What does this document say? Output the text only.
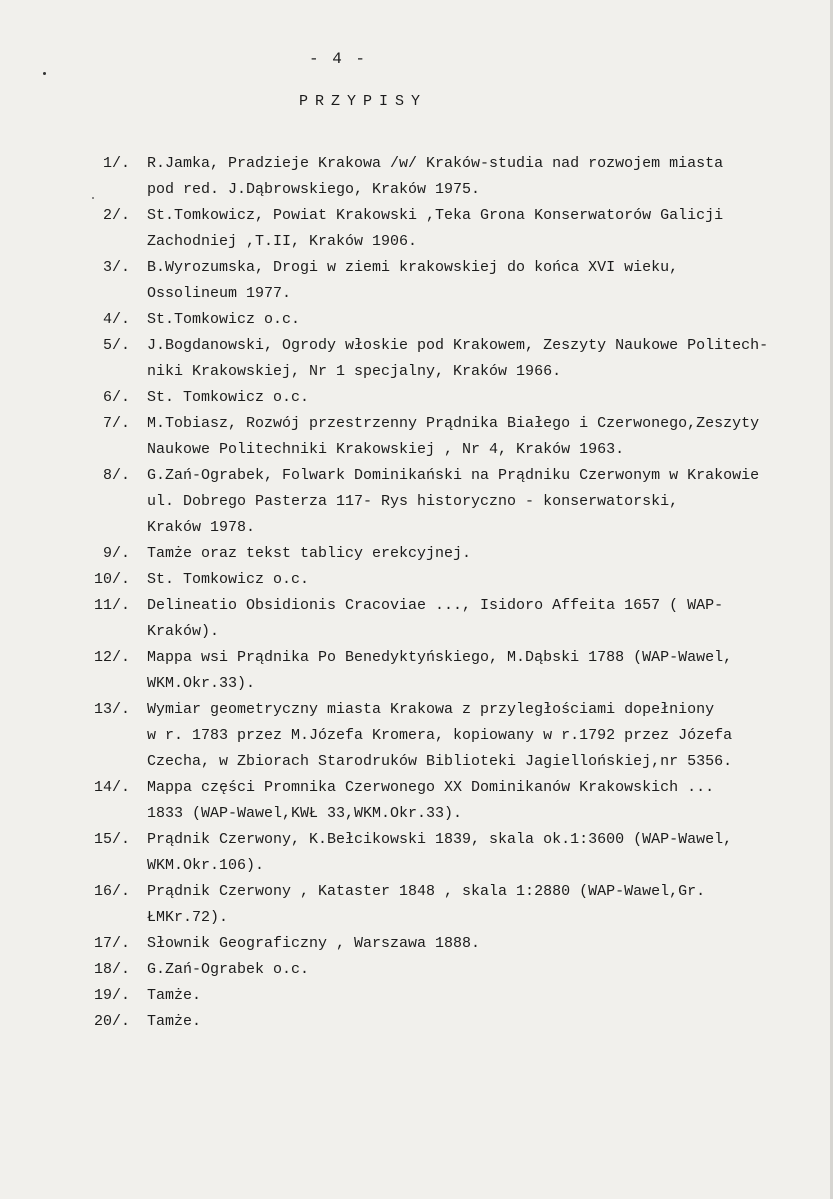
- 4 -
PRZYPISY
1/. R.Jamka, Pradzieje Krakowa /w/ Kraków-studia nad rozwojem miasta
pod red. J.Dąbrowskiego, Kraków 1975.
2/. St.Tomkowicz, Powiat Krakowski ,Teka Grona Konserwatorów Galicji
Zachodniej ,T.II, Kraków 1906.
3/. B.Wyrozumska, Drogi w ziemi krakowskiej do końca XVI wieku,
Ossolineum 1977.
4/. St.Tomkowicz o.c.
5/. J.Bogdanowski, Ogrody włoskie pod Krakowem, Zeszyty Naukowe Politech-
niki Krakowskiej, Nr 1 specjalny, Kraków 1966.
6/. St. Tomkowicz o.c.
7/. M.Tobiasz, Rozwój przestrzenny Prądnika Białego i Czerwonego,Zeszyty
Naukowe Politechniki Krakowskiej , Nr 4, Kraków 1963.
8/. G.Zań-Ograbek, Folwark Dominikański na Prądniku Czerwonym w Krakowie
ul. Dobrego Pasterza 117- Rys historyczno - konserwatorski,
Kraków 1978.
9/. Tamże oraz tekst tablicy erekcyjnej.
10/. St. Tomkowicz o.c.
11/. Delineatio Obsidionis Cracoviae ..., Isidoro Affeita 1657 ( WAP-
Kraków).
12/. Mappa wsi Prądnika Po Benedyktyńskiego, M.Dąbski 1788 (WAP-Wawel,
WKM.Okr.33).
13/. Wymiar geometryczny miasta Krakowa z przyległościami dopełniony
w r. 1783 przez M.Józefa Kromera, kopiowany w r.1792 przez Józefa
Czecha, w Zbiorach Starodruków Biblioteki Jagiellońskiej,nr 5356.
14/. Mappa części Promnika Czerwonego XX Dominikanów Krakowskich ...
1833 (WAP-Wawel,KWŁ 33,WKM.Okr.33).
15/. Prądnik Czerwony, K.Bełcikowski 1839, skala ok.1:3600 (WAP-Wawel,
WKM.Okr.106).
16/. Prądnik Czerwony , Kataster 1848 , skala 1:2880 (WAP-Wawel,Gr.
ŁMKr.72).
17/. Słownik Geograficzny , Warszawa 1888.
18/. G.Zań-Ograbek o.c.
19/. Tamże.
20/. Tamże.
